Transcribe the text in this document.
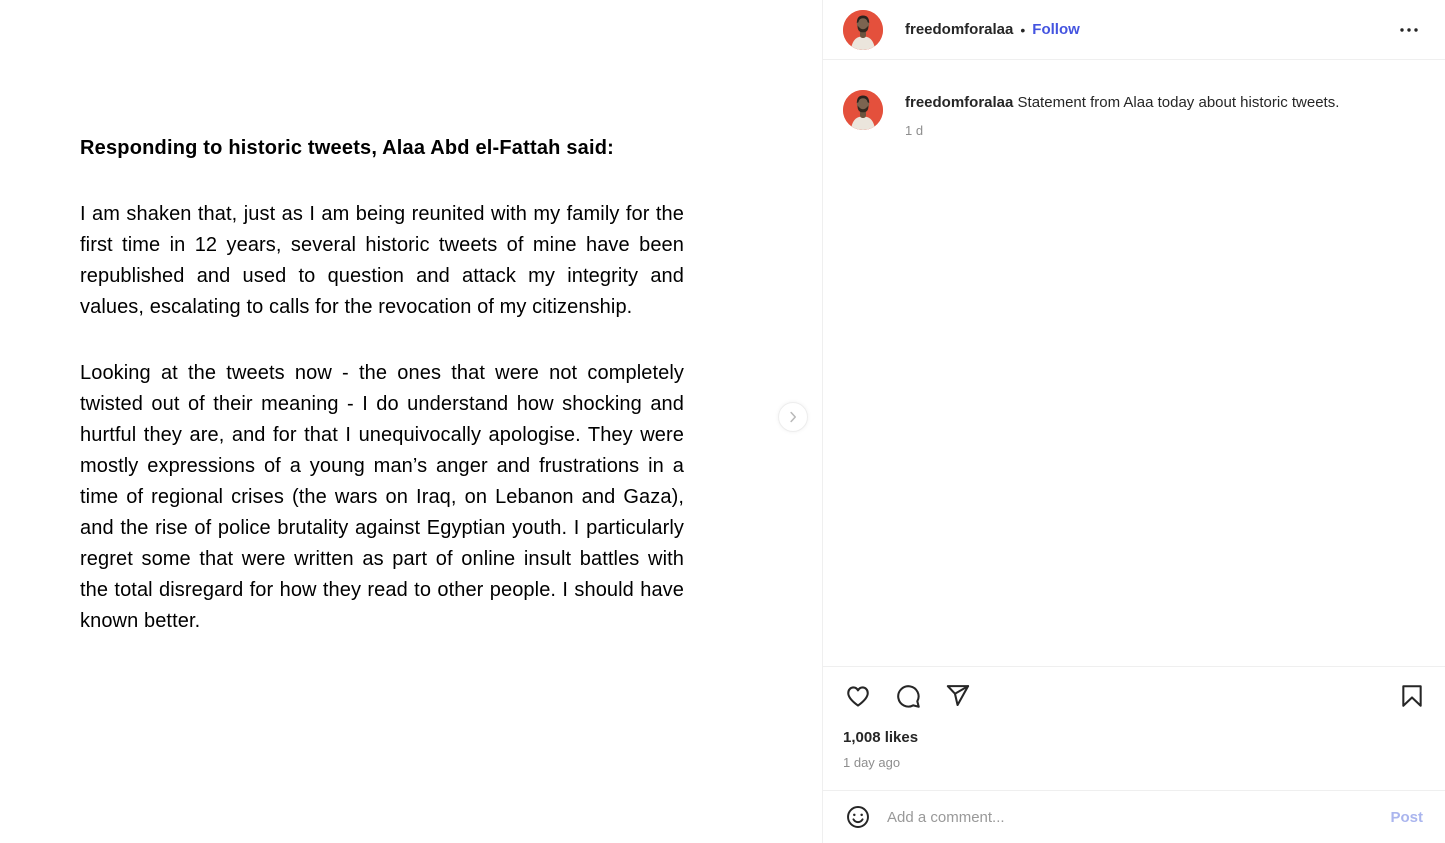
Responding to historic tweets, Alaa Abd el-Fattah said:

I am shaken that, just as I am being reunited with my family for the first time in 12 years, several historic tweets of mine have been republished and used to question and attack my integrity and values, escalating to calls for the revocation of my citizenship.

Looking at the tweets now - the ones that were not completely twisted out of their meaning - I do understand how shocking and hurtful they are, and for that I unequivocally apologise. They were mostly expressions of a young man’s anger and frustrations in a time of regional crises (the wars on Iraq, on Lebanon and Gaza), and the rise of police brutality against Egyptian youth. I particularly regret some that were written as part of online insult battles with the total disregard for how they read to other people. I should have known better.

freedomforalaa • Follow
freedomforalaa Statement from Alaa today about historic tweets.
1 d
1,008 likes
1 day ago
Add a comment...
Post
